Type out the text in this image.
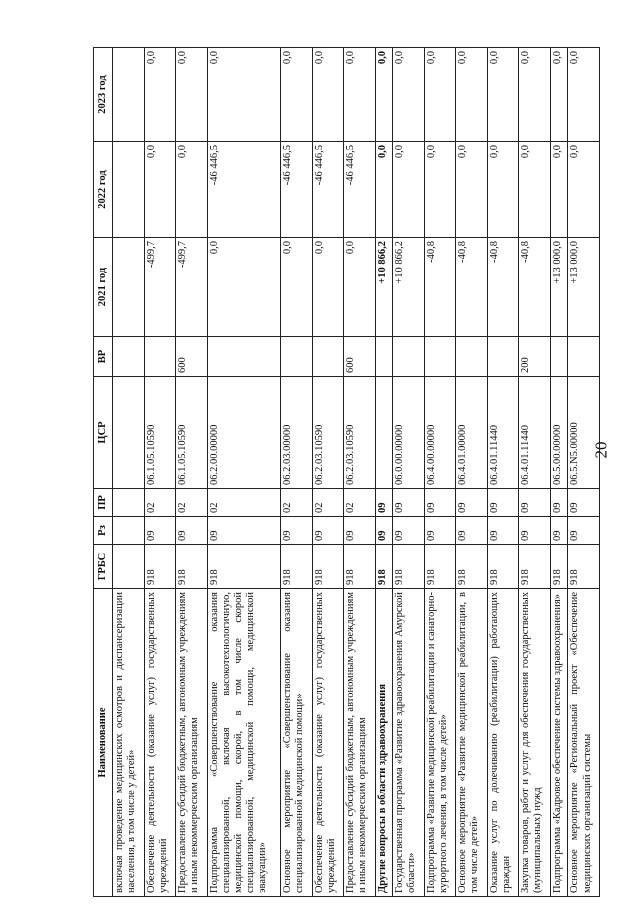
20
Наименование	ГРБС	Рз	ПР	ЦСР	ВР	2021 год	2022 год	2023 год
включая проведение медицинских осмотров и диспансеризации населения, в том числе у детей»								
Обеспечение деятельности (оказание услуг) государственных учреждений	918	09	02	06.1.05.10590		-499,7	0,0	0,0
Предоставление субсидий бюджетным, автономным учреждениям и иным некоммерческим организациям	918	09	02	06.1.05.10590	600	-499,7	0,0	0,0
Подпрограмма «Совершенствование оказания специализированной, включая высокотехнологичную, медицинской помощи, скорой, в том числе скорой специализированной, медицинской помощи, медицинской эвакуации»	918	09	02	06.2.00.00000		0,0	-46 446,5	0,0
Основное мероприятие «Совершенствование оказания специализированной медицинской помощи»	918	09	02	06.2.03.00000		0,0	-46 446,5	0,0
Обеспечение деятельности (оказание услуг) государственных учреждений	918	09	02	06.2.03.10590		0,0	-46 446,5	0,0
Предоставление субсидий бюджетным, автономным учреждениям и иным некоммерческим организациям	918	09	02	06.2.03.10590	600	0,0	-46 446,5	0,0
Другие вопросы в области здравоохранения	918	09	09			+10 866,2	0,0	0,0
Государственная программа «Развитие здравоохранения Амурской области»	918	09	09	06.0.00.00000		+10 866,2	0,0	0,0
Подпрограмма «Развитие медицинской реабилитации и санаторно-курортного лечения, в том числе детей»	918	09	09	06.4.00.00000		-40,8	0,0	0,0
Основное мероприятие «Развитие медицинской реабилитации, в том числе детей»	918	09	09	06.4.01.00000		-40,8	0,0	0,0
Оказание услуг по долечиванию (реабилитации) работающих граждан	918	09	09	06.4.01.11440		-40,8	0,0	0,0
Закупка товаров, работ и услуг для обеспечения государственных (муниципальных) нужд	918	09	09	06.4.01.11440	200	-40,8	0,0	0,0
Подпрограмма «Кадровое обеспечение системы здравоохранения»	918	09	09	06.5.00.00000		+13 000,0	0,0	0,0
Основное мероприятие «Региональный проект «Обеспечение медицинских организаций системы	918	09	09	06.5.N5.00000		+13 000,0	0,0	0,0
